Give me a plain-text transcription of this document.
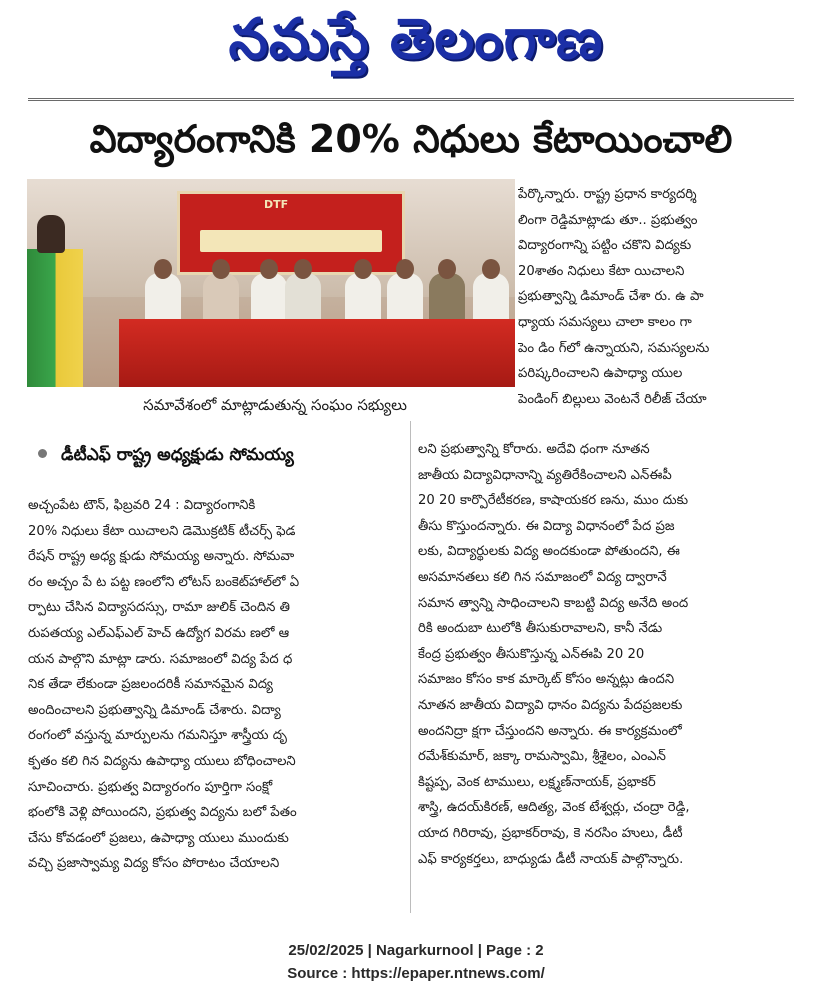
నమస్తే తెలంగాణ
విద్యారంగానికి 20% నిధులు కేటాయించాలి
DTF
సమావేశంలో మాట్లాడుతున్న సంఘం సభ్యులు

పేర్కొన్నారు. రాష్ట్ర ప్రధాన కార్యదర్శి

లింగా రెడ్డిమాట్లాడు తూ.. ప్రభుత్వం

విద్యారంగాన్ని పట్టిం చకొని విద్యకు

20శాతం నిధులు కేటా యిచాలని

ప్రభుత్వాన్ని డిమాండ్ చేశా రు. ఉ పా

ధ్యాయ సమస్యలు చాలా కాలం గా

పెం డిం గ్‌లో ఉన్నాయని, సమస్యలను

పరిష్కరించాలని ఉపాధ్యా యుల

పెండింగ్ బిల్లులు వెంటనే రిలీజ్ చేయా

డీటీఎఫ్ రాష్ట్ర అధ్యక్షుడు సోమయ్య

అచ్చంపేట టౌన్, ఫిబ్రవరి 24 : విద్యారంగానికి

20% నిధులు కేటా యిచాలని డెమొక్రటిక్ టీచర్స్ ఫెడ

రేషన్ రాష్ట్ర అధ్య క్షుడు సోమయ్య అన్నారు. సోమవా

రం అచ్చం పే ట పట్ట ణంలోని లోటస్ బంకెట్‌హాల్‌లో ఏ

ర్పాటు చేసిన విద్యాసదస్సు, రామా జులిక్ చెందిన తి

రుపతయ్య ఎల్ఎఫ్ఎల్ హెచ్ ఉద్యోగ విరమ ణలో ఆ

యన పాల్గొని మాట్లా డారు. సమాజంలో విద్య పేద ధ

నిక తేడా లేకుండా ప్రజలందరికీ సమానమైన విద్య

అందించాలని ప్రభుత్వాన్ని డిమాండ్ చేశారు. విద్యా

రంగంలో వస్తున్న మార్పులను గమనిస్తూ శాస్త్రీయ దృ

క్పతం కలి గిన విద్యను ఉపాధ్యా యులు బోధించాలని

సూచించారు. ప్రభుత్వ విద్యారంగం పూర్తిగా సంక్షో

భంలోకి వెళ్లి పోయిందని, ప్రభుత్వ విద్యను బలో పేతం

చేసు కోవడంలో ప్రజలు, ఉపాధ్యా యులు ముందుకు

వచ్చి ప్రజాస్వామ్య విద్య కోసం పోరాటం చేయాలని

లని ప్రభుత్వాన్ని కోరారు. అదేవి ధంగా నూతన

జాతీయ విద్యావిధానాన్ని వ్యతిరేకించాలని ఎన్ఈపీ

20 20 కార్పొరేటీకరణ, కాషాయకర ణను, ముం దుకు

తీసు కొస్తుందన్నారు. ఈ విద్యా విధానంలో పేద ప్రజ

లకు, విద్యార్థులకు విద్య అందకుండా పోతుందని, ఈ

అసమానతలు కలి గిన సమాజంలో విద్య ద్వారానే

సమాన త్వాన్ని సాధించాలని కాబట్టి విద్య అనేది అంద

రికి అందుబా టులోకి తీసుకురావాలని, కానీ నేడు

కేంద్ర ప్రభుత్వం తీసుకొస్తున్న ఎన్ఈపి 20 20

సమాజం కోసం కాక మార్కెట్ కోసం అన్నట్లు ఉందని

నూతన జాతీయ విద్యావి ధానం విద్యను పేదప్రజలకు

అందనిద్రా క్షగా చేస్తుందని అన్నారు. ఈ కార్యక్రమంలో

రమేశ్‌కుమార్, జక్కా రామస్వామి, శ్రీశైలం, ఎంఎన్

కిష్టప్ప, వెంక టాములు, లక్ష్మణ్‌నాయక్, ప్రభాకర్

శాస్త్రి, ఉదయ్‌కిరణ్, ఆదిత్య, వెంక టేశ్వర్లు, చంద్రా రెడ్డి,

యాద గిరిరావు, ప్రభాకర్‌రావు, కె నరసిం హులు, డీటీ

ఎఫ్ కార్యకర్తలు, బాధ్యుడు డీటీ నాయక్ పాల్గొన్నారు.

25/02/2025 | Nagarkurnool | Page : 2
Source : https://epaper.ntnews.com/
